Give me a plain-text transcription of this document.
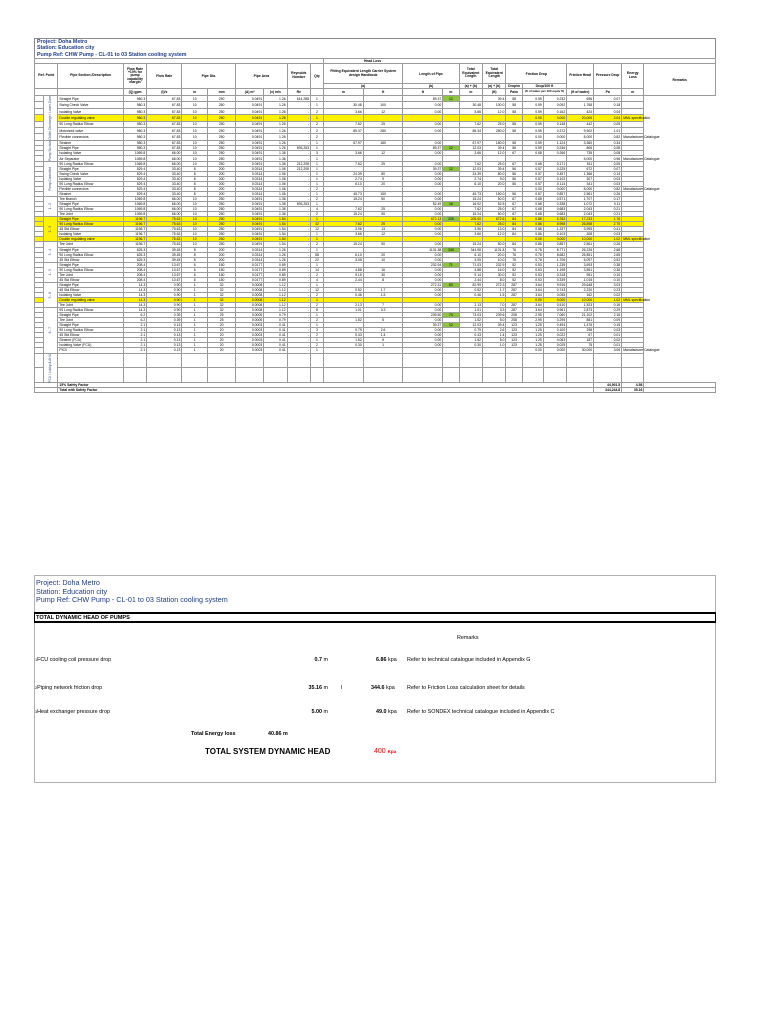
Project: Doha Metro
Station: Education city
Pump Ref: CHW Pump - CL-01 to 03 Station cooling system
											Head Loss												
Ref. Point		Pipe Section /Description	Flow Rate +10% for pump capability margin	Flow Rate	Pipe Dia.		Pipe Area		Reynolds Number	Qty	Fitting Equivalent Length Carrier System design Handbook		Length of Pipe		Total Equivalent Length	Total Equivalent Length	Friction Drop			Friction Head	Pressure Drop	Energy Loss	Remarks
											(a)		(b)		(a) + (b)	(a) + (b)	Drop/m	Drop/100 ft					
			(Q) gpm	(l)/s	in	mm	(A) m²	(v) m/s	Re		m	ft	ft	m	m	(ft)	Pa/m	(ft of water per 100 equiv ft)		(ft of water)	Pa	m	

	Chiller Discharge / Lower Zone	Straight Pipe	980.3	67.83	10	250	0.0491	1.26	614,288	1			89.37	12		39.4	58	0.59	0.232	696	0.07		
		Swing Check Valve	980.3	67.83	10	250	0.0491	1.26	-	1	30.48	100	0.00		30.48	100.0	58	0.59	0.092	1,768	0.18		
		Isolating Valve	980.3	67.83	10	250	0.0491	1.26	-	2	3.66	12	0.00		3.66	12.0	58	0.59	0.162	424	0.04		
		Double regulating valve	980.3	67.83	10	250	0.0491	1.26	-	1								0.00	0.000	20,000	2.04	MML specification	
		90 Long Radius Elbow	980.3	67.83	10	250	0.0491	1.26	-	2	7.62	25	0.00		7.62	25.0	58	0.59	0.148	442	0.05		
		Motorized valve	980.3	67.83	10	250	0.0491	1.26	-	2	85.37	280	0.00		85.34	280.0	58	0.59	0.372	9,902	1.01		
		Flexible connectors	980.3	67.83	10	250	0.0491	1.26	-	2								0.00	0.000	8,000	0.82	Manufacturer Catalogue	

	Pump Suction	Strainer	980.3	67.83	10	250	0.0491	1.26	-	1	67.97	180	0.00		67.97	180.0	58	0.59	1.124	3,360	0.34		
		Straight Pipe	980.3	67.83	10	250	0.0491	1.26	693,263	1			89.37	12	12.03	39.4	58	0.59	0.246	806	0.08		
		Isolating Valve	1069.8	66.00	10	250	0.0491	1.36	-	3	3.66	12	0.00		3.66	12.0	67	0.68	0.266	735	0.08		
		Air Separator	1069.8	66.00	10	250	0.0491	1.36	-	1										5,000	0.96	Manufacturer Catalogue	

	Pump Controlled	90 Long Radius Elbow	1069.8	66.00	10	250	0.0491	1.36	212,208	1	7.62	25	0.00		7.62	25.0	67	0.68	0.171	511	0.05		
		Straight Pipe	529.4	33.40	8	200	0.0314	1.06	212,208	1			39.37	12	12.03	39.4	56	0.57	0.225	672	0.07		
		Swing Check Valve	529.4	33.40	8	200	0.0314	1.06	-	1	24.39	80	0.00		24.39	80.0	56	0.57	0.457	1,366	0.14		
		Isolating Valve	529.4	33.40	8	200	0.0314	1.06	-	1	2.74	9	0.00		2.74	9.0	56	0.57	0.102	307	0.03		
		90 Long Radius Elbow	529.4	33.40	8	200	0.0314	1.06	-	1	6.10	20	0.00		6.10	20.0	56	0.57	0.114	341	0.03		
		Flexible connectors	529.4	33.40	8	200	0.0314	1.06	-	2								0.00	0.000	8,000	0.82	Manufacturer Catalogue	
		Strainer	529.4	33.40	8	200	0.0314	1.06	-	1	45.73	150	0.00		45.73	150.0	56	0.57	0.857	2,561	0.26		

	1 - 2	Tee Branch	1069.8	66.00	10	250	0.0491	1.36	-	2	15.24	50	0.00		15.24	50.0	67	0.68	0.571	1,707	0.17		
		Straight Pipe	1069.8	66.00	10	250	0.0491	1.36	693,263	1			52.49	16	16.02	52.5	67	0.68	0.338	1,072	0.11		
		90 Long Radius Elbow	1069.8	66.00	10	250	0.0491	1.36	-	4	7.62	25	0.00		7.62	25.0	67	0.68	0.683	2,043	0.21		
		Tee Joint	1069.8	66.00	10	250	0.0491	1.36	-	2	15.24	50	0.00		15.24	50.0	67	0.68	0.683	2,043	0.21		

	2 - 3	Straight Pipe	1196.7	75.63	10	250	0.0491	1.54	-	1			672.13	205	205.00	672.6	84	0.86	5.762	17,233	1.76		
		90 Long Radius Elbow	1196.7	75.63	10	250	0.0491	1.54	-	42	7.62	25	0.00		7.62	25.0	84	0.86	8.998	26,898	2.75		
		45 Std Elbow	1196.7	75.63	10	250	0.0491	1.54	-	12	3.96	13	0.00		3.96	13.0	84	0.86	1.337	3,995	0.41		
		Isolating Valve	1196.7	75.63	10	250	0.0491	1.54	-	1	3.66	12	0.00		3.66	12.0	84	0.86	0.103	308	0.03		
		Double regulating valve	1196.7	75.63	10	250	0.0491	1.54	-	1								0.00	0.000	10,000	1.02	MML specification	

	3 - 4	Tee Joint	1196.7	75.63	10	250	0.0491	1.54	-	2	15.24	50	0.00		15.24	50.0	84	0.86	0.857	2,561	0.26		
		Straight Pipe	625.3	39.45	8	200	0.0314	1.26	-	1			1131.38	345	344.98	1131.8	76	0.78	8.771	26,226	2.68		
		90 Long Radius Elbow	625.3	39.45	8	200	0.0314	1.26	-	58	6.10	20	0.00		6.10	20.0	76	0.78	8.682	25,851	2.65		
		45 Std Elbow	625.3	39.45	8	200	0.0314	1.26	-	22	3.05	10	0.00		3.05	10.0	76	0.78	1.706	5,097	0.52		

	4 - 5	Straight Pipe	208.4	13.67	6	150	0.0177	0.89	-	1			232.94	71	71.03	232.9	52	0.53	1.235	3,693	0.38		
		90 Long Radius Elbow	208.4	13.67	6	150	0.0177	0.89	-	14	4.88	16	0.00		4.88	16.0	52	0.53	1.198	3,551	0.36		
		Tee Joint	208.4	13.67	6	150	0.0177	0.89	-	2	9.15	30	0.00		9.14	30.0	52	0.53	0.318	951	0.10		
		45 Std Elbow	208.4	13.67	6	150	0.0177	0.89	-	4	2.44	8	0.00		2.44	8.0	52	0.53	0.339	1,015	0.10		

	5 - 6	Straight Pipe	14.3	0.90	1	32	0.0008	1.12	-	1			272.31	83	82.99	272.3	287	3.64	9.916	29,648	3.03		
		45 Std Elbow	14.3	0.90	1	32	0.0008	1.12	-	12	0.52	1.7	0.00		0.52	1.7	287	3.64	0.743	2,220	0.23		
		Isolating Valve	14.3	0.90	1	32	0.0008	1.12	-	2	0.46	1.5	0.00		0.46	1.5	287	3.64	0.055	162	0.02		
		Double regulating valve	14.3	0.90	1	32	0.0008	1.12	-	1								0.00	0.000	10,000	1.02	MML specification	
		Tee Joint	14.3	0.90	1	32	0.0008	1.12	-	2	2.13	7	0.00		2.13	7.0	287	3.64	0.510	1,523	0.16		

	6 - 7	90 Long Radius Elbow	14.3	0.90	1	32	0.0008	1.12	-	8	1.01	3.3	0.00		1.01	3.3	287	3.64	0.961	2,873	0.29		
		Straight Pipe	6.2	0.39	1	25	0.0005	0.79	-	1			239.50	73	73.03	239.6	208	2.95	7.060	21,102	2.16		
		Tee Joint	6.2	0.39	1	25	0.0005	0.79	-	2	1.52	5	0.00		1.52	5.0	208	2.95	0.295	881	0.09		
		Straight Pipe	2.1	0.13	1	20	0.0003	0.41	-	1			39.37	12	12.03	39.4	123	1.25	0.494	1,476	0.15		
		90 Long Radius Elbow	2.1	0.13	1	20	0.0003	0.41	-	3	0.79	2.6	0.00		0.79	2.6	123	1.25	0.100	298	0.03		
		45 Std Elbow	2.1	0.13	1	20	0.0003	0.41	-	2	0.43	1.4	0.00		0.43	1.4	123	1.25	0.022	67	0.01		
		Strainer (FCU)	2.1	0.13	1	20	0.0003	0.41	-	1	1.52	5	0.00		1.52	5.0	123	1.25	0.063	187	0.02		
		Isolating Valve (FCU)	2.1	0.13	1	20	0.0003	0.41	-	2	0.30	1	0.00		0.30	1.0	123	1.25	0.025	75	0.01		
		PICV	2.1	0.13	1	20	0.0003	0.41	-	1								0.00	0.000	30,000	3.06	Manufacturer Catalogue	

	FCU / Lobby & AHU																						

		15% Safety Factor																			44,901.5	4.58	
		Total with Safety Factor																			344,244.8	35.16	
Project: Doha Metro
Station: Education city
Pump Ref: CHW Pump - CL-01 to 03 Station cooling system
TOTAL DYNAMIC HEAD OF PUMPS
Remarks
$^1$FCU cooling coil pressure drop	0.7 m	6.86 kpa Refer to technical catalogue included in Appendix G
$^2$Piping network friction drop	35.16 m I	344.6 kpa Refer to Friction Loss calculation sheet for details
$^3$Heat exchanger pressure drop	5.00 m	49.0 kpa Refer to SONDEX technical catalogue included in Appendix C
Total Energy loss	40.86 m
TOTAL SYSTEM DYNAMIC HEAD	400 Kpa
